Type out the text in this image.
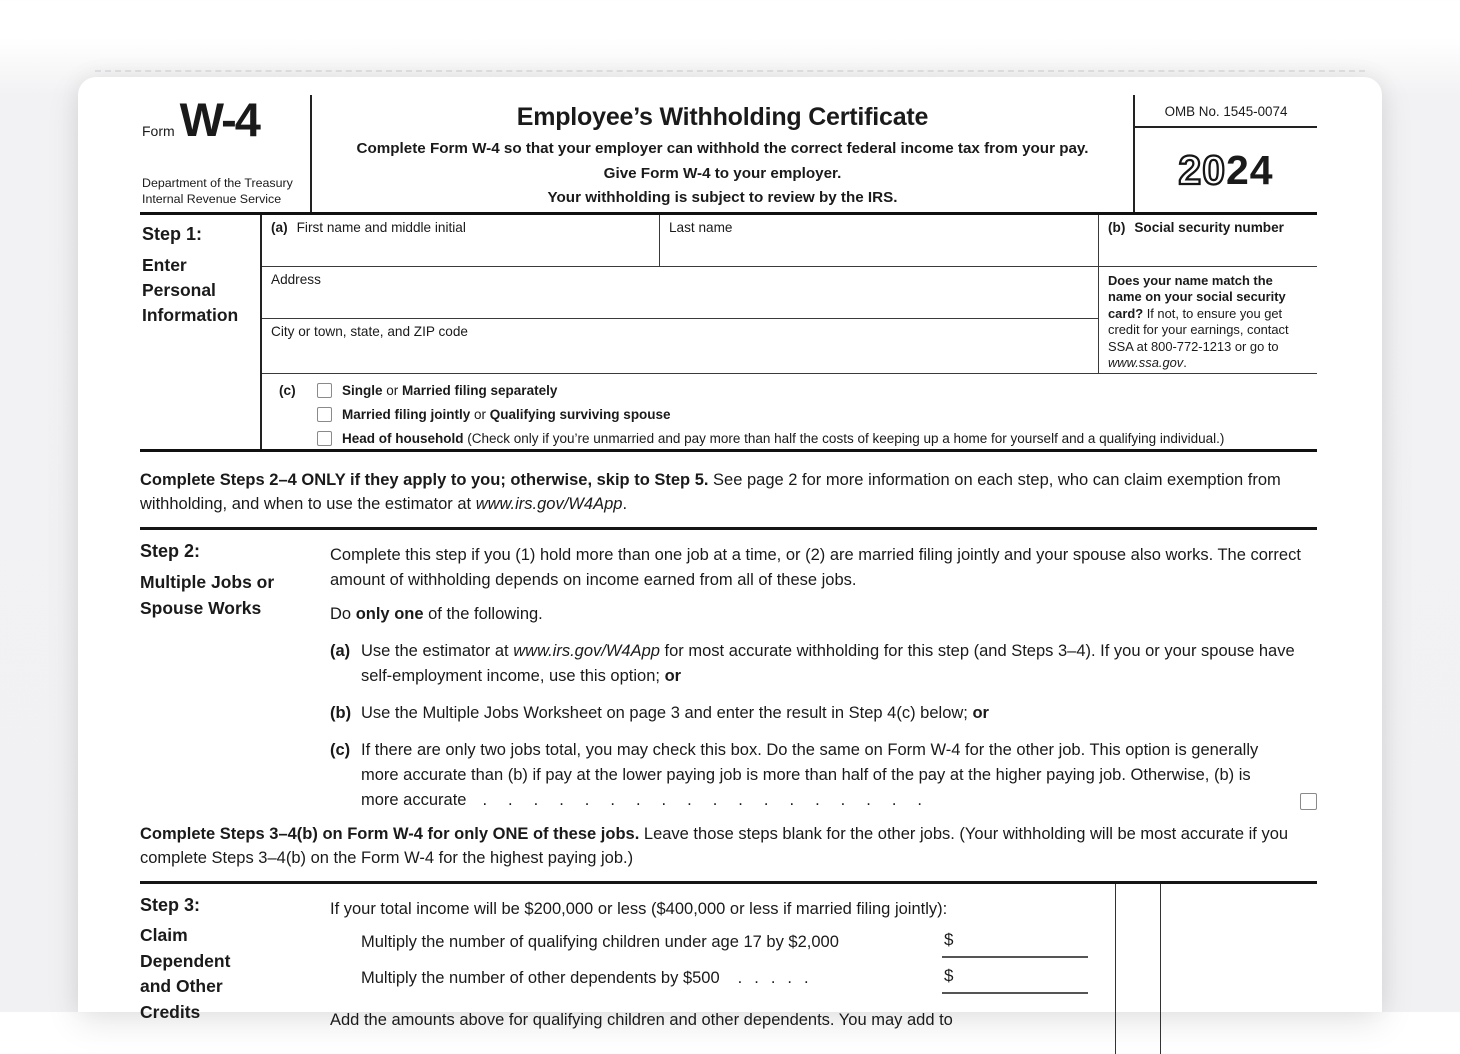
Form W-4
Department of the Treasury
Internal Revenue Service
Employee’s Withholding Certificate
Complete Form W-4 so that your employer can withhold the correct federal income tax from your pay.
Give Form W-4 to your employer.
Your withholding is subject to review by the IRS.
OMB No. 1545-0074
20 24
Step 1:
Enter Personal Information
(a) First name and middle initial	Last name
Address
City or town, state, and ZIP code
(b) Social security number
Does your name match the name on your social security card? If not, to ensure you get credit for your earnings, contact SSA at 800-772-1213 or go to www.ssa.gov.
(c)	Single or Married filing separately
Married filing jointly or Qualifying surviving spouse
Head of household (Check only if you’re unmarried and pay more than half the costs of keeping up a home for yourself and a qualifying individual.)
Complete Steps 2–4 ONLY if they apply to you; otherwise, skip to Step 5. See page 2 for more information on each step, who can claim exemption from withholding, and when to use the estimator at www.irs.gov/W4App.
Step 2:
Multiple Jobs or Spouse Works
Complete this step if you (1) hold more than one job at a time, or (2) are married filing jointly and your spouse also works. The correct amount of withholding depends on income earned from all of these jobs.
Do only one of the following.
(a) Use the estimator at www.irs.gov/W4App for most accurate withholding for this step (and Steps 3–4). If you or your spouse have self-employment income, use this option; or
(b) Use the Multiple Jobs Worksheet on page 3 and enter the result in Step 4(c) below; or
(c) If there are only two jobs total, you may check this box. Do the same on Form W-4 for the other job. This option is generally more accurate than (b) if pay at the lower paying job is more than half of the pay at the higher paying job. Otherwise, (b) is more accurate ..................
Complete Steps 3–4(b) on Form W-4 for only ONE of these jobs. Leave those steps blank for the other jobs. (Your withholding will be most accurate if you complete Steps 3–4(b) on the Form W-4 for the highest paying job.)
Step 3:
Claim Dependent and Other Credits
If your total income will be $200,000 or less ($400,000 or less if married filing jointly):
Multiply the number of qualifying children under age 17 by $2,000	$
Multiply the number of other dependents by $500 .....	$
Add the amounts above for qualifying children and other dependents. You may add to
